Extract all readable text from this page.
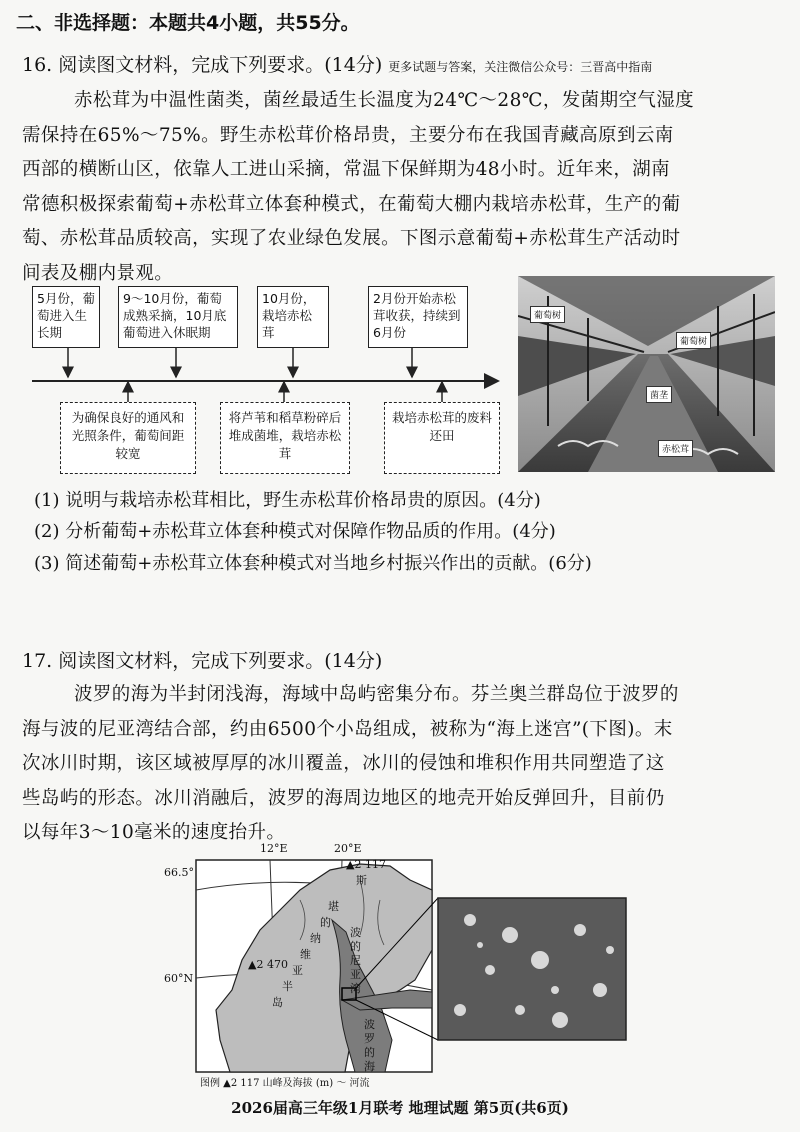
二、非选择题：本题共4小题，共55分。
16. 阅读图文材料，完成下列要求。(14分) 更多试题与答案，关注微信公众号：三晋高中指南

赤松茸为中温性菌类，菌丝最适生长温度为24℃～28℃，发菌期空气湿度

需保持在65%～75%。野生赤松茸价格昂贵，主要分布在我国青藏高原到云南

西部的横断山区，依靠人工进山采摘，常温下保鲜期为48小时。近年来，湖南

常德积极探索葡萄+赤松茸立体套种模式，在葡萄大棚内栽培赤松茸，生产的葡

萄、赤松茸品质较高，实现了农业绿色发展。下图示意葡萄+赤松茸生产活动时

间表及棚内景观。

5月份，葡萄进入生长期
9～10月份，葡萄成熟采摘，10月底葡萄进入休眠期
10月份，栽培赤松茸
2月份开始赤松茸收获，持续到6月份
为确保良好的通风和光照条件，葡萄间距较宽
将芦苇和稻草粉碎后堆成菌堆，栽培赤松茸
栽培赤松茸的废料还田
葡萄树
葡萄树
菌垄
赤松茸
(1) 说明与栽培赤松茸相比，野生赤松茸价格昂贵的原因。(4分)
(2) 分析葡萄+赤松茸立体套种模式对保障作物品质的作用。(4分)
(3) 简述葡萄+赤松茸立体套种模式对当地乡村振兴作出的贡献。(6分)
17. 阅读图文材料，完成下列要求。(14分)

波罗的海为半封闭浅海，海域中岛屿密集分布。芬兰奥兰群岛位于波罗的

海与波的尼亚湾结合部，约由6500个小岛组成，被称为“海上迷宫”(下图)。末

次冰川时期，该区域被厚厚的冰川覆盖，冰川的侵蚀和堆积作用共同塑造了这

些岛屿的形态。冰川消融后，波罗的海周边地区的地壳开始反弹回升，目前仍

以每年3～10毫米的速度抬升。

12°E	20°E
66.5°
60°N
▲2 117
▲2 470
斯
堪
的
纳
维
亚
半
岛
波
的
尼
亚
湾
波
罗
的
海
图例 ▲2 117 山峰及海拔 (m) 〜 河流
2026届高三年级1月联考 地理试题 第5页(共6页)
